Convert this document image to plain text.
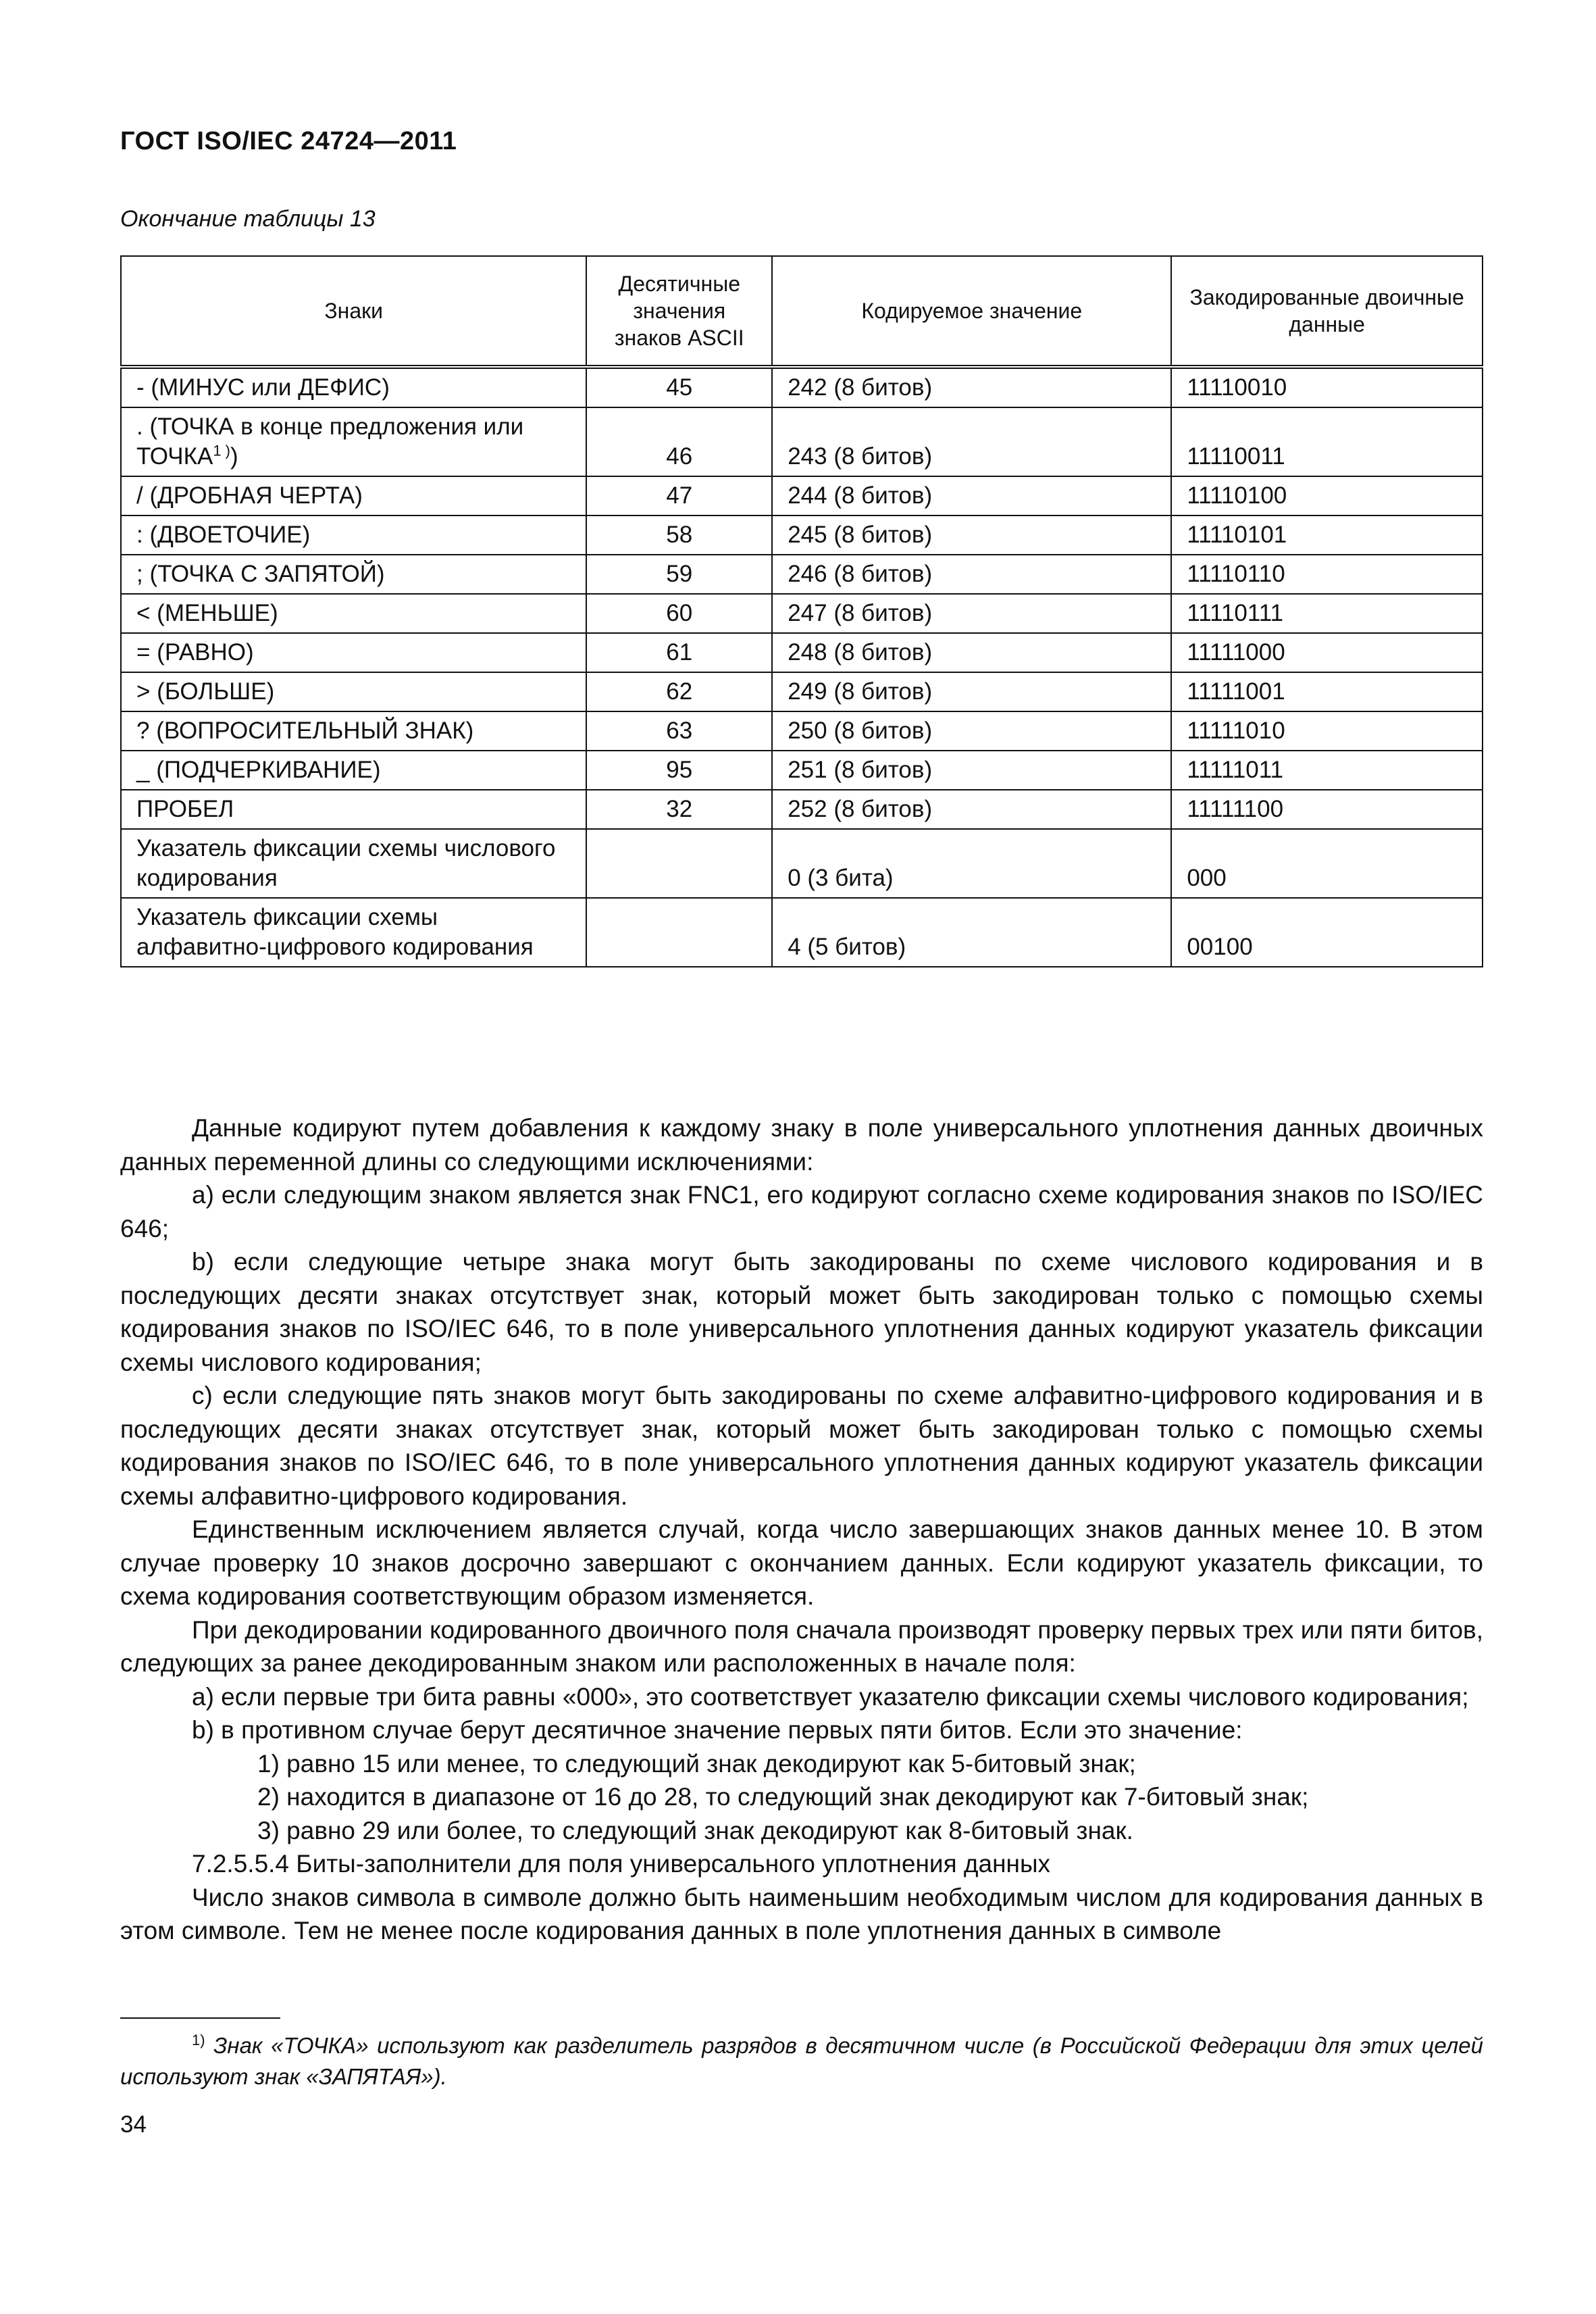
ГОСТ ISO/IEC 24724—2011
Окончание таблицы 13
Знаки	Десятичные значения знаков ASCII	Кодируемое значение	Закодированные двоичные данные
- (МИНУС или ДЕФИС)	45	242 (8 битов)	11110010
. (ТОЧКА в конце предложения или $ТОЧКА^{1 )}$)	46	243 (8 битов)	11110011
/ (ДРОБНАЯ ЧЕРТА)	47	244 (8 битов)	11110100
: (ДВОЕТОЧИЕ)	58	245 (8 битов)	11110101
; (ТОЧКА С ЗАПЯТОЙ)	59	246 (8 битов)	11110110
< (МЕНЬШЕ)	60	247 (8 битов)	11110111
= (РАВНО)	61	248 (8 битов)	11111000
> (БОЛЬШЕ)	62	249 (8 битов)	11111001
? (ВОПРОСИТЕЛЬНЫЙ ЗНАК)	63	250 (8 битов)	11111010
_ (ПОДЧЕРКИВАНИЕ)	95	251 (8 битов)	11111011
ПРОБЕЛ	32	252 (8 битов)	11111100
Указатель фиксации схемы числового кодирования		0 (3 бита)	000
Указатель фиксации схемы алфавитно-цифрового кодирования		4 (5 битов)	00100

Данные кодируют путем добавления к каждому знаку в поле универсального уплотнения данных двоичных данных переменной длины со следующими исключениями:

a) если следующим знаком является знак FNC1, его кодируют согласно схеме кодирования знаков по ISO/IEC 646;

b) если следующие четыре знака могут быть закодированы по схеме числового кодирования и в последующих десяти знаках отсутствует знак, который может быть закодирован только с помощью схемы кодирования знаков по ISO/IEC 646, то в поле универсального уплотнения данных кодируют указатель фиксации схемы числового кодирования;

c) если следующие пять знаков могут быть закодированы по схеме алфавитно-цифрового кодирования и в последующих десяти знаках отсутствует знак, который может быть закодирован только с помощью схемы кодирования знаков по ISO/IEC 646, то в поле универсального уплотнения данных кодируют указатель фиксации схемы алфавитно-цифрового кодирования.

Единственным исключением является случай, когда число завершающих знаков данных менее 10. В этом случае проверку 10 знаков досрочно завершают с окончанием данных. Если кодируют указатель фиксации, то схема кодирования соответствующим образом изменяется.

При декодировании кодированного двоичного поля сначала производят проверку первых трех или пяти битов, следующих за ранее декодированным знаком или расположенных в начале поля:

a) если первые три бита равны «000», это соответствует указателю фиксации схемы числового кодирования;

b) в противном случае берут десятичное значение первых пяти битов. Если это значение:

1) равно 15 или менее, то следующий знак декодируют как 5-битовый знак;

2) находится в диапазоне от 16 до 28, то следующий знак декодируют как 7-битовый знак;

3) равно 29 или более, то следующий знак декодируют как 8-битовый знак.

7.2.5.5.4 Биты-заполнители для поля универсального уплотнения данных

Число знаков символа в символе должно быть наименьшим необходимым числом для кодирования данных в этом символе. Тем не менее после кодирования данных в поле уплотнения данных в символе

$^{1)}$ Знак «ТОЧКА» используют как разделитель разрядов в десятичном числе (в Российской Федерации для этих целей используют знак «ЗАПЯТАЯ»).
34
